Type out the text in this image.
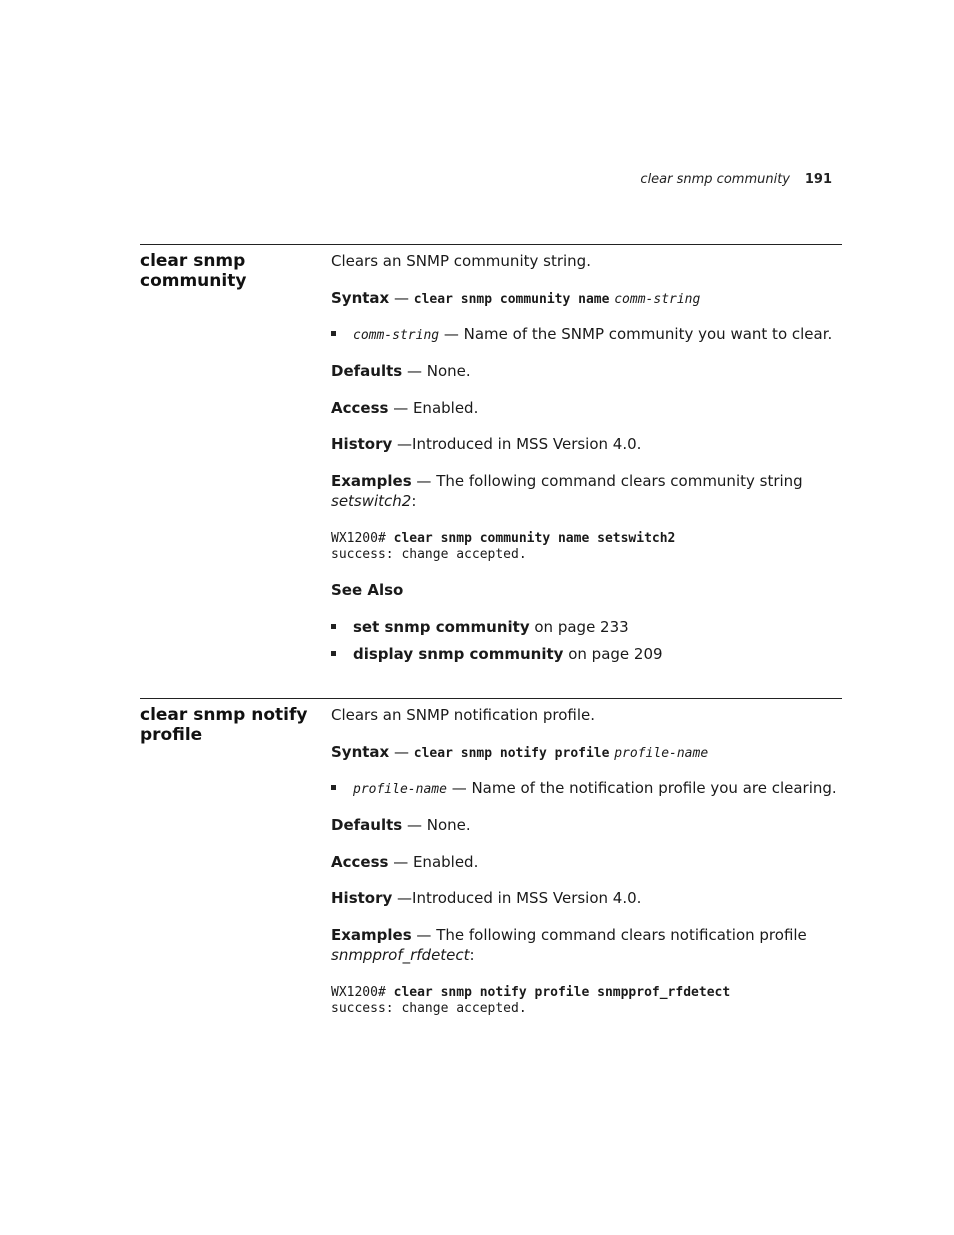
clear snmp community 191
clear snmp community
Clears an SNMP community string.
Syntax — clear snmp community name comm-string
comm-string — Name of the SNMP community you want to clear.
Defaults — None.
Access — Enabled.
History —Introduced in MSS Version 4.0.
Examples — The following command clears community string
setswitch2:
WX1200# clear snmp community name setswitch2
success: change accepted.
See Also
set snmp community on page 233
display snmp community on page 209
clear snmp notify profile
Clears an SNMP notification profile.
Syntax — clear snmp notify profile profile-name
profile-name — Name of the notification profile you are clearing.
Defaults — None.
Access — Enabled.
History —Introduced in MSS Version 4.0.
Examples — The following command clears notification profile
snmpprof_rfdetect:
WX1200# clear snmp notify profile snmpprof_rfdetect
success: change accepted.
